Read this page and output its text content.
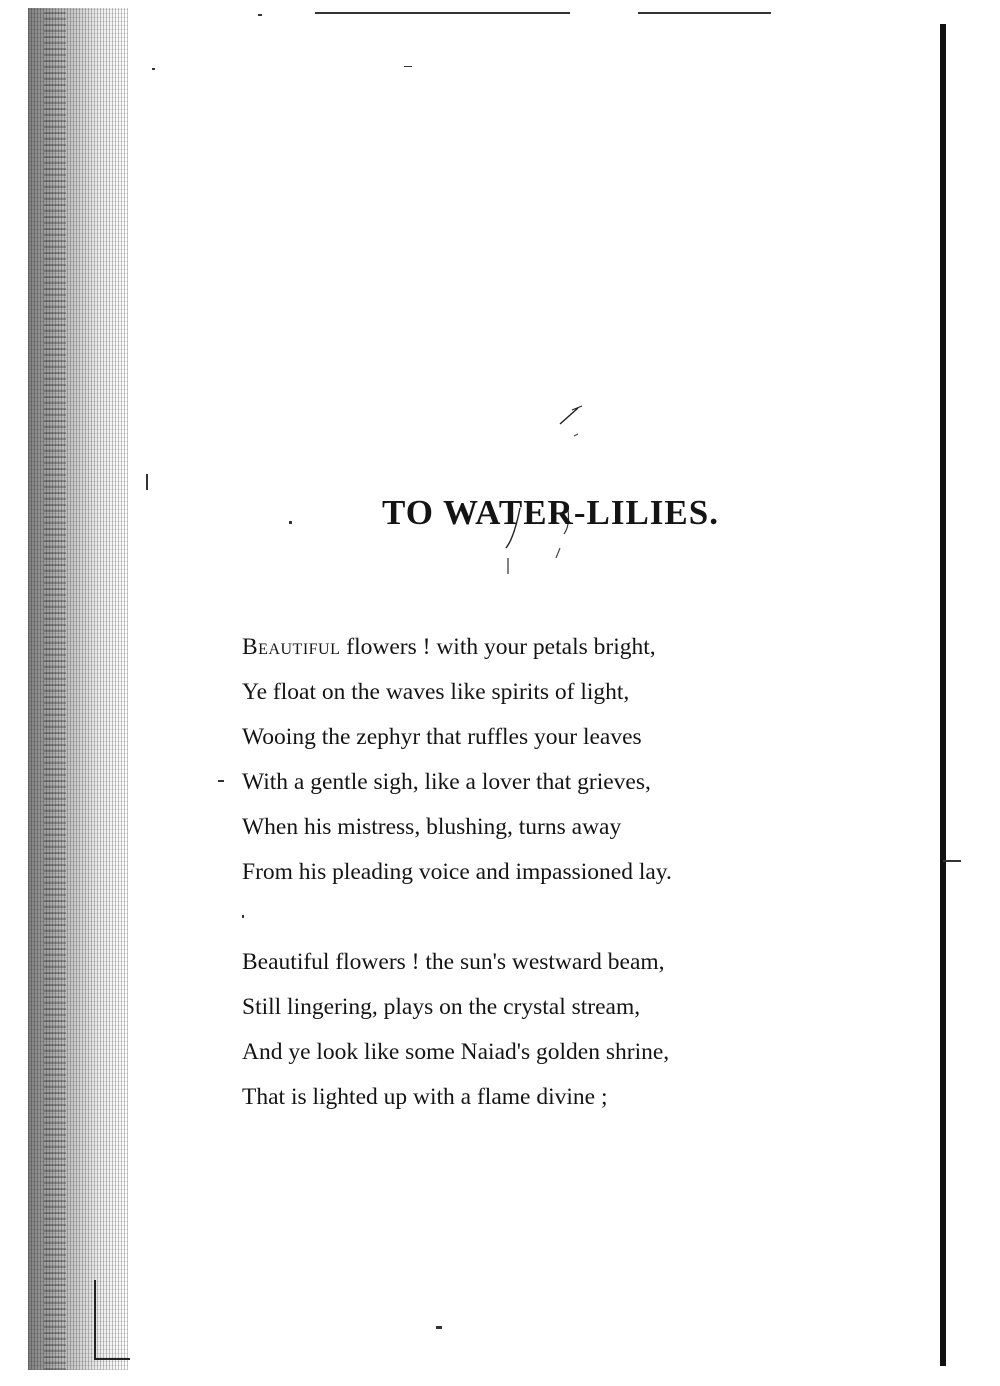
TO WATER-LILIES.

Beautiful flowers ! with your petals bright,
Ye float on the waves like spirits of light,
Wooing the zephyr that ruffles your leaves
With a gentle sigh, like a lover that grieves,
When his mistress, blushing, turns away
From his pleading voice and impassioned lay.

Beautiful flowers ! the sun's westward beam,
Still lingering, plays on the crystal stream,
And ye look like some Naiad's golden shrine,
That is lighted up with a flame divine ;
